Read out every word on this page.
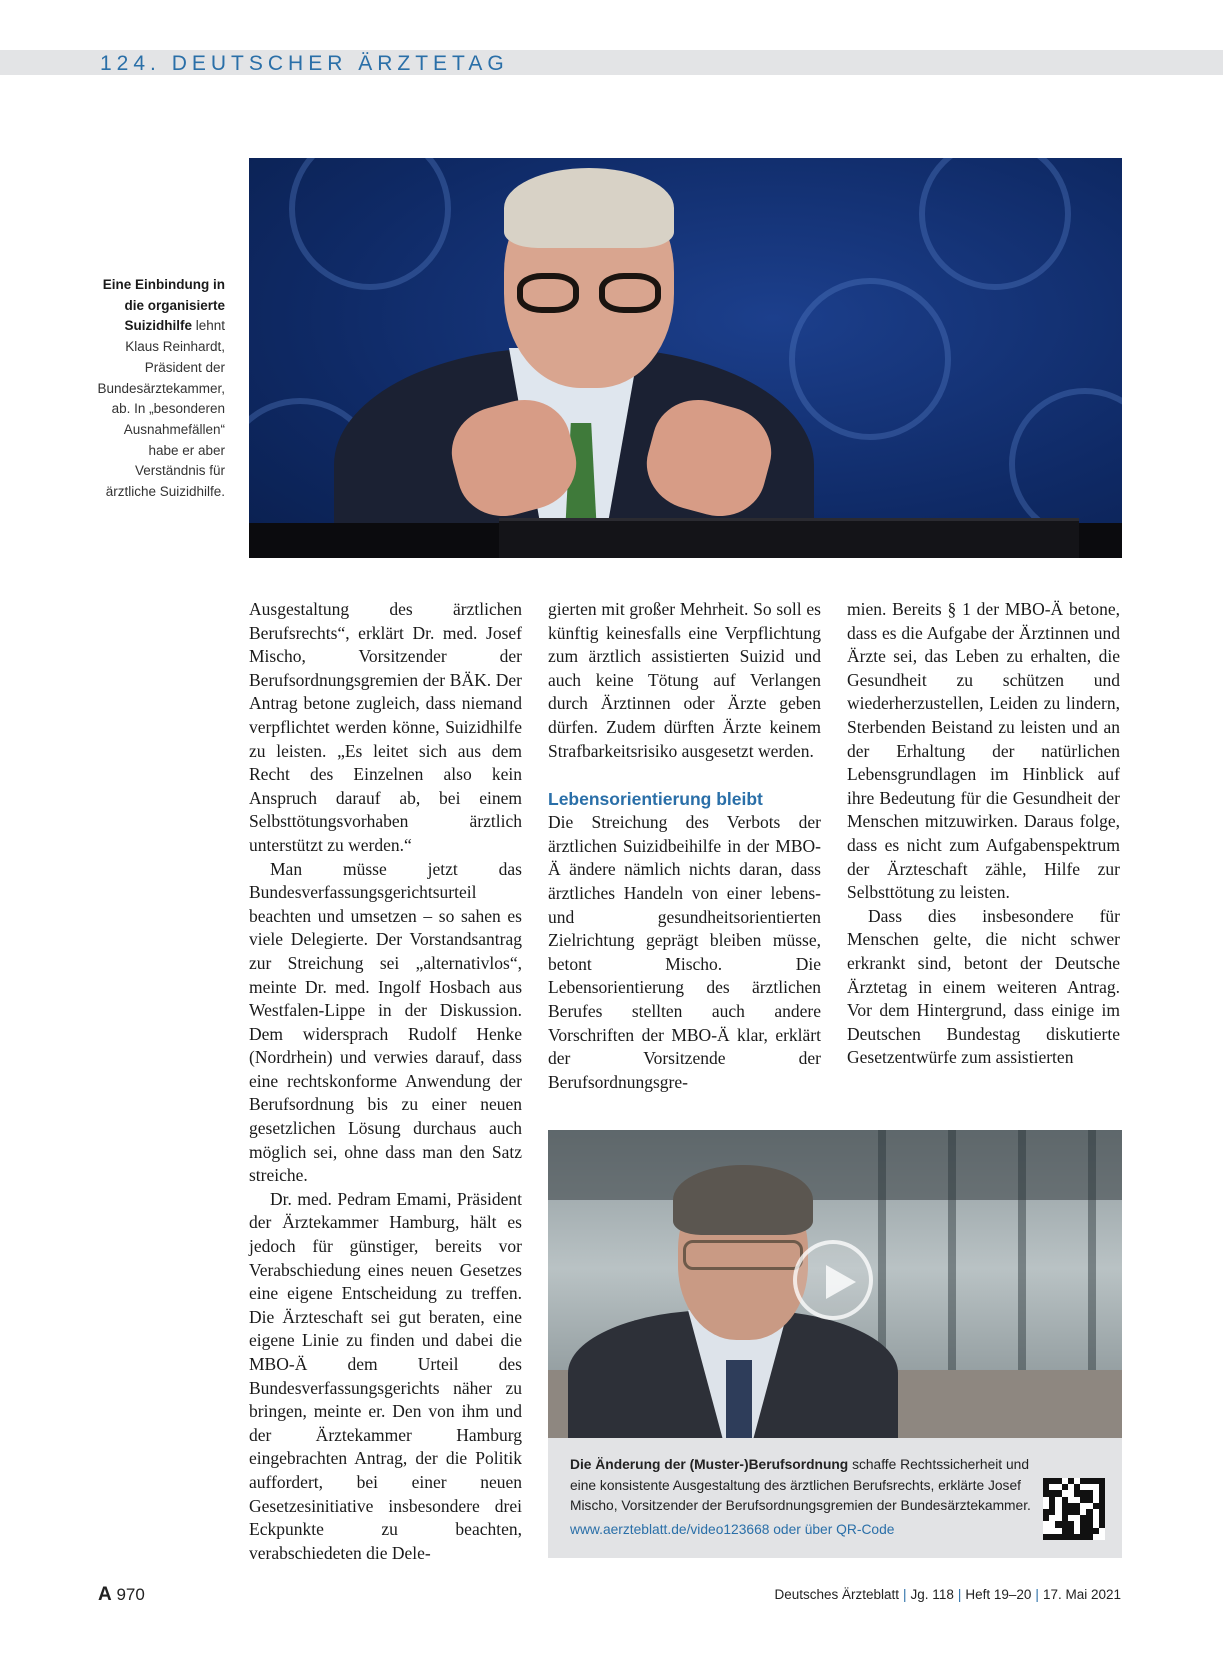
124. DEUTSCHER ÄRZTETAG
Eine Einbindung in die organisierte Suizidhilfe lehnt Klaus Reinhardt, Präsident der Bundesärztekammer, ab. In „besonderen Ausnahmefällen“ habe er aber Verständnis für ärztliche Suizidhilfe.

Ausgestaltung des ärztlichen Berufsrechts“, erklärt Dr. med. Josef Mischo, Vorsitzender der Berufsordnungsgremien der BÄK. Der Antrag betone zugleich, dass niemand verpflichtet werden könne, Suizidhilfe zu leisten. „Es leitet sich aus dem Recht des Einzelnen also kein Anspruch darauf ab, bei einem Selbsttötungsvorhaben ärztlich unterstützt zu werden.“

Man müsse jetzt das Bundesverfassungsgerichtsurteil beachten und umsetzen – so sahen es viele Delegierte. Der Vorstandsantrag zur Streichung sei „alternativlos“, meinte Dr. med. Ingolf Hosbach aus Westfalen-Lippe in der Diskussion. Dem widersprach Rudolf Henke (Nordrhein) und verwies darauf, dass eine rechtskonforme Anwendung der Berufsordnung bis zu einer neuen gesetzlichen Lösung durchaus auch möglich sei, ohne dass man den Satz streiche.

Dr. med. Pedram Emami, Präsident der Ärztekammer Hamburg, hält es jedoch für günstiger, bereits vor Verabschiedung eines neuen Gesetzes eine eigene Entscheidung zu treffen. Die Ärzteschaft sei gut beraten, eine eigene Linie zu finden und dabei die MBO-Ä dem Urteil des Bundesverfassungsgerichts näher zu bringen, meinte er. Den von ihm und der Ärztekammer Hamburg eingebrachten Antrag, der die Politik auffordert, bei einer neuen Gesetzesinitiative insbesondere drei Eckpunkte zu beachten, verabschiedeten die Dele-

gierten mit großer Mehrheit. So soll es künftig keinesfalls eine Verpflichtung zum ärztlich assistierten Suizid und auch keine Tötung auf Verlangen durch Ärztinnen oder Ärzte geben dürfen. Zudem dürften Ärzte keinem Strafbarkeitsrisiko ausgesetzt werden.

Lebensorientierung bleibt

Die Streichung des Verbots der ärztlichen Suizidbeihilfe in der MBO-Ä ändere nämlich nichts daran, dass ärztliches Handeln von einer lebens- und gesundheitsorientierten Zielrichtung geprägt bleiben müsse, betont Mischo. Die Lebensorientierung des ärztlichen Berufes stellten auch andere Vorschriften der MBO-Ä klar, erklärt der Vorsitzende der Berufsordnungsgre-

mien. Bereits § 1 der MBO-Ä betone, dass es die Aufgabe der Ärztinnen und Ärzte sei, das Leben zu erhalten, die Gesundheit zu schützen und wiederherzustellen, Leiden zu lindern, Sterbenden Beistand zu leisten und an der Erhaltung der natürlichen Lebensgrundlagen im Hinblick auf ihre Bedeutung für die Gesundheit der Menschen mitzuwirken. Daraus folge, dass es nicht zum Aufgabenspektrum der Ärzteschaft zähle, Hilfe zur Selbsttötung zu leisten.

Dass dies insbesondere für Menschen gelte, die nicht schwer erkrankt sind, betont der Deutsche Ärztetag in einem weiteren Antrag. Vor dem Hintergrund, dass einige im Deutschen Bundestag diskutierte Gesetzentwürfe zum assistierten

Die Änderung der (Muster-)Berufsordnung schaffe Rechtssicherheit und eine konsistente Ausgestaltung des ärztlichen Berufsrechts, erklärte Josef Mischo, Vorsitzender der Berufsordnungsgremien der Bundesärztekammer.
www.aerzteblatt.de/video123668 oder über QR-Code
A 970	Deutsches Ärzteblatt | Jg. 118 | Heft 19–20 | 17. Mai 2021
